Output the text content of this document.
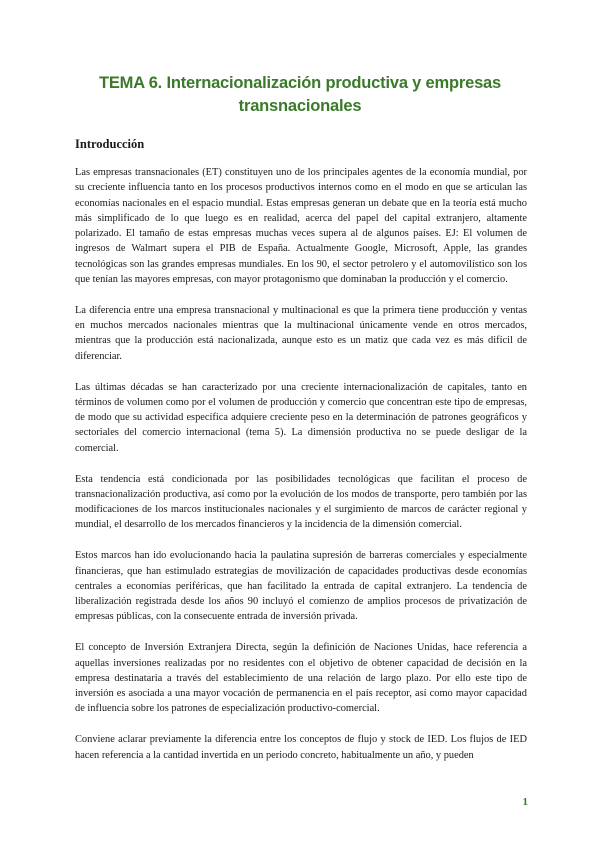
TEMA 6. Internacionalización productiva y empresas transnacionales
Introducción

Las empresas transnacionales (ET) constituyen uno de los principales agentes de la economía mundial, por su creciente influencia tanto en los procesos productivos internos como en el modo en que se articulan las economías nacionales en el espacio mundial. Estas empresas generan un debate que en la teoría está mucho más simplificado de lo que luego es en realidad, acerca del papel del capital extranjero, altamente polarizado. El tamaño de estas empresas muchas veces supera al de algunos países. EJ: El volumen de ingresos de Walmart supera el PIB de España. Actualmente Google, Microsoft, Apple, las grandes tecnológicas son las grandes empresas mundiales. En los 90, el sector petrolero y el automovilístico son los que tenían las mayores empresas, con mayor protagonismo que dominaban la producción y el comercio.

La diferencia entre una empresa transnacional y multinacional es que la primera tiene producción y ventas en muchos mercados nacionales mientras que la multinacional únicamente vende en otros mercados, mientras que la producción está nacionalizada, aunque esto es un matiz que cada vez es más difícil de diferenciar.

Las últimas décadas se han caracterizado por una creciente internacionalización de capitales, tanto en términos de volumen como por el volumen de producción y comercio que concentran este tipo de empresas, de modo que su actividad específica adquiere creciente peso en la determinación de patrones geográficos y sectoriales del comercio internacional (tema 5). La dimensión productiva no se puede desligar de la comercial.

Esta tendencia está condicionada por las posibilidades tecnológicas que facilitan el proceso de transnacionalización productiva, así como por la evolución de los modos de transporte, pero también por las modificaciones de los marcos institucionales nacionales y el surgimiento de marcos de carácter regional y mundial, el desarrollo de los mercados financieros y la incidencia de la dimensión comercial.

Estos marcos han ido evolucionando hacia la paulatina supresión de barreras comerciales y especialmente financieras, que han estimulado estrategias de movilización de capacidades productivas desde economías centrales a economías periféricas, que han facilitado la entrada de capital extranjero. La tendencia de liberalización registrada desde los años 90 incluyó el comienzo de amplios procesos de privatización de empresas públicas, con la consecuente entrada de inversión privada.

El concepto de Inversión Extranjera Directa, según la definición de Naciones Unidas, hace referencia a aquellas inversiones realizadas por no residentes con el objetivo de obtener capacidad de decisión en la empresa destinataria a través del establecimiento de una relación de largo plazo. Por ello este tipo de inversión es asociada a una mayor vocación de permanencia en el país receptor, así como mayor capacidad de influencia sobre los patrones de especialización productivo-comercial.

Conviene aclarar previamente la diferencia entre los conceptos de flujo y stock de IED. Los flujos de IED hacen referencia a la cantidad invertida en un periodo concreto, habitualmente un año, y pueden

1
